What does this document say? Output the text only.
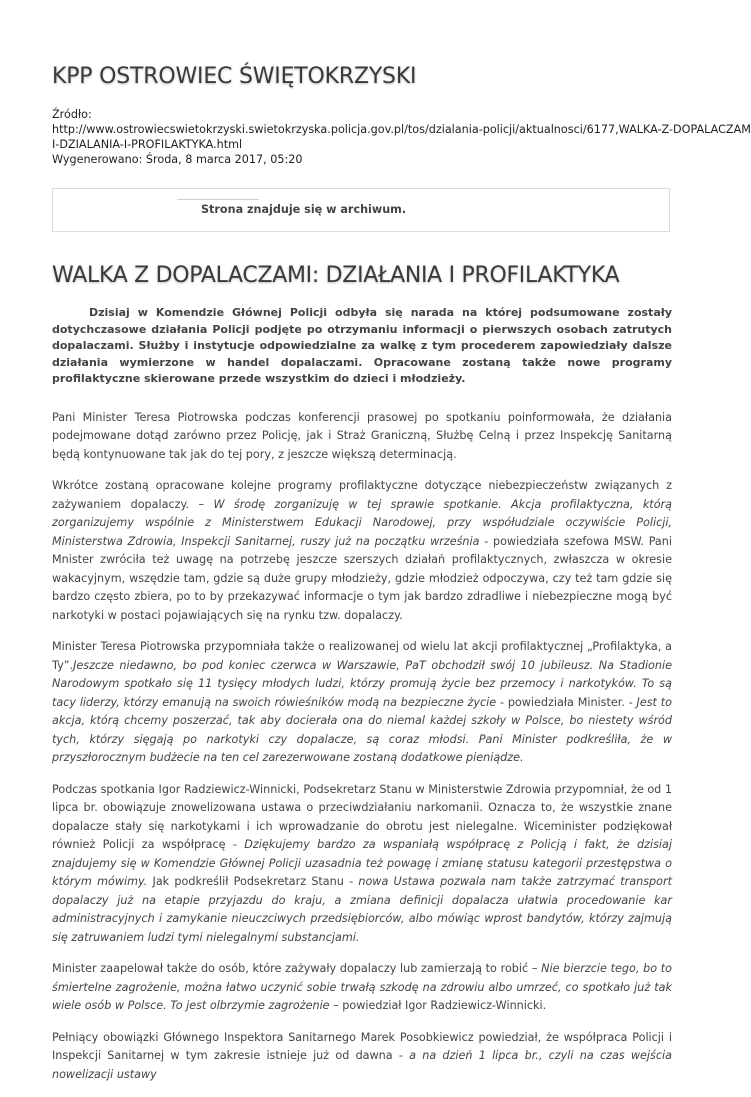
KPP OSTROWIEC ŚWIĘTOKRZYSKI
Źródło:
http://www.ostrowiecswietokrzyski.swietokrzyska.policja.gov.pl/tos/dzialania-policji/aktualnosci/6177,WALKA-Z-DOPALACZAM
I-DZIALANIA-I-PROFILAKTYKA.html
Wygenerowano: Środa, 8 marca 2017, 05:20
Strona znajduje się w archiwum.
WALKA Z DOPALACZAMI: DZIAŁANIA I PROFILAKTYKA

Dzisiaj w Komendzie Głównej Policji odbyła się narada na której podsumowane zostały dotychczasowe działania Policji podjęte po otrzymaniu informacji o pierwszych osobach zatrutych dopalaczami. Służby i instytucje odpowiedzialne za walkę z tym procederem zapowiedziały dalsze działania wymierzone w handel dopalaczami. Opracowane zostaną także nowe programy profilaktyczne skierowane przede wszystkim do dzieci i młodzieży.

Pani Minister Teresa Piotrowska podczas konferencji prasowej po spotkaniu poinformowała, że działania podejmowane dotąd zarówno przez Policję, jak i Straż Graniczną, Służbę Celną i przez Inspekcję Sanitarną będą kontynuowane tak jak do tej pory, z jeszcze większą determinacją.

Wkrótce zostaną opracowane kolejne programy profilaktyczne dotyczące niebezpieczeństw związanych z zażywaniem dopalaczy. – W środę zorganizuję w tej sprawie spotkanie. Akcja profilaktyczna, którą zorganizujemy wspólnie z Ministerstwem Edukacji Narodowej, przy współudziale oczywiście Policji, Ministerstwa Zdrowia, Inspekcji Sanitarnej, ruszy już na początku września - powiedziała szefowa MSW. Pani Mnister zwróciła też uwagę na potrzebę jeszcze szerszych działań profilaktycznych, zwłaszcza w okresie wakacyjnym, wszędzie tam, gdzie są duże grupy młodzieży, gdzie młodzież odpoczywa, czy też tam gdzie się bardzo często zbiera, po to by przekazywać informacje o tym jak bardzo zdradliwe i niebezpieczne mogą być narkotyki w postaci pojawiających się na rynku tzw. dopalaczy.

Minister Teresa Piotrowska przypomniała także o realizowanej od wielu lat akcji profilaktycznej „Profilaktyka, a Ty”.Jeszcze niedawno, bo pod koniec czerwca w Warszawie, PaT obchodził swój 10 jubileusz. Na Stadionie Narodowym spotkało się 11 tysięcy młodych ludzi, którzy promują życie bez przemocy i narkotyków. To są tacy liderzy, którzy emanują na swoich rówieśników modą na bezpieczne życie - powiedziała Minister. - Jest to akcja, którą chcemy poszerzać, tak aby docierała ona do niemal każdej szkoły w Polsce, bo niestety wśród tych, którzy sięgają po narkotyki czy dopalacze, są coraz młodsi. Pani Minister podkreśliła, że w przyszłorocznym budżecie na ten cel zarezerwowane zostaną dodatkowe pieniądze.

Podczas spotkania Igor Radziewicz-Winnicki, Podsekretarz Stanu w Ministerstwie Zdrowia przypomniał, że od 1 lipca br. obowiązuje znowelizowana ustawa o przeciwdziałaniu narkomanii. Oznacza to, że wszystkie znane dopalacze stały się narkotykami i ich wprowadzanie do obrotu jest nielegalne. Wiceminister podziękował również Policji za współpracę - Dziękujemy bardzo za wspaniałą współpracę z Policją i fakt, że dzisiaj znajdujemy się w Komendzie Głównej Policji uzasadnia też powagę i zmianę statusu kategorii przestępstwa o którym mówimy. Jak podkreślił Podsekretarz Stanu - nowa Ustawa pozwala nam także zatrzymać transport dopalaczy już na etapie przyjazdu do kraju, a zmiana definicji dopalacza ułatwia procedowanie kar administracyjnych i zamykanie nieuczciwych przedsiębiorców, albo mówiąc wprost bandytów, którzy zajmują się zatruwaniem ludzi tymi nielegalnymi substancjami.

Minister zaapelował także do osób, które zażywały dopalaczy lub zamierzają to robić – Nie bierzcie tego, bo to śmiertelne zagrożenie, można łatwo uczynić sobie trwałą szkodę na zdrowiu albo umrzeć, co spotkało już tak wiele osób w Polsce. To jest olbrzymie zagrożenie – powiedział Igor Radziewicz-Winnicki.

Pełniący obowiązki Głównego Inspektora Sanitarnego Marek Posobkiewicz powiedział, że współpraca Policji i Inspekcji Sanitarnej w tym zakresie istnieje już od dawna - a na dzień 1 lipca br., czyli na czas wejścia nowelizacji ustawy
